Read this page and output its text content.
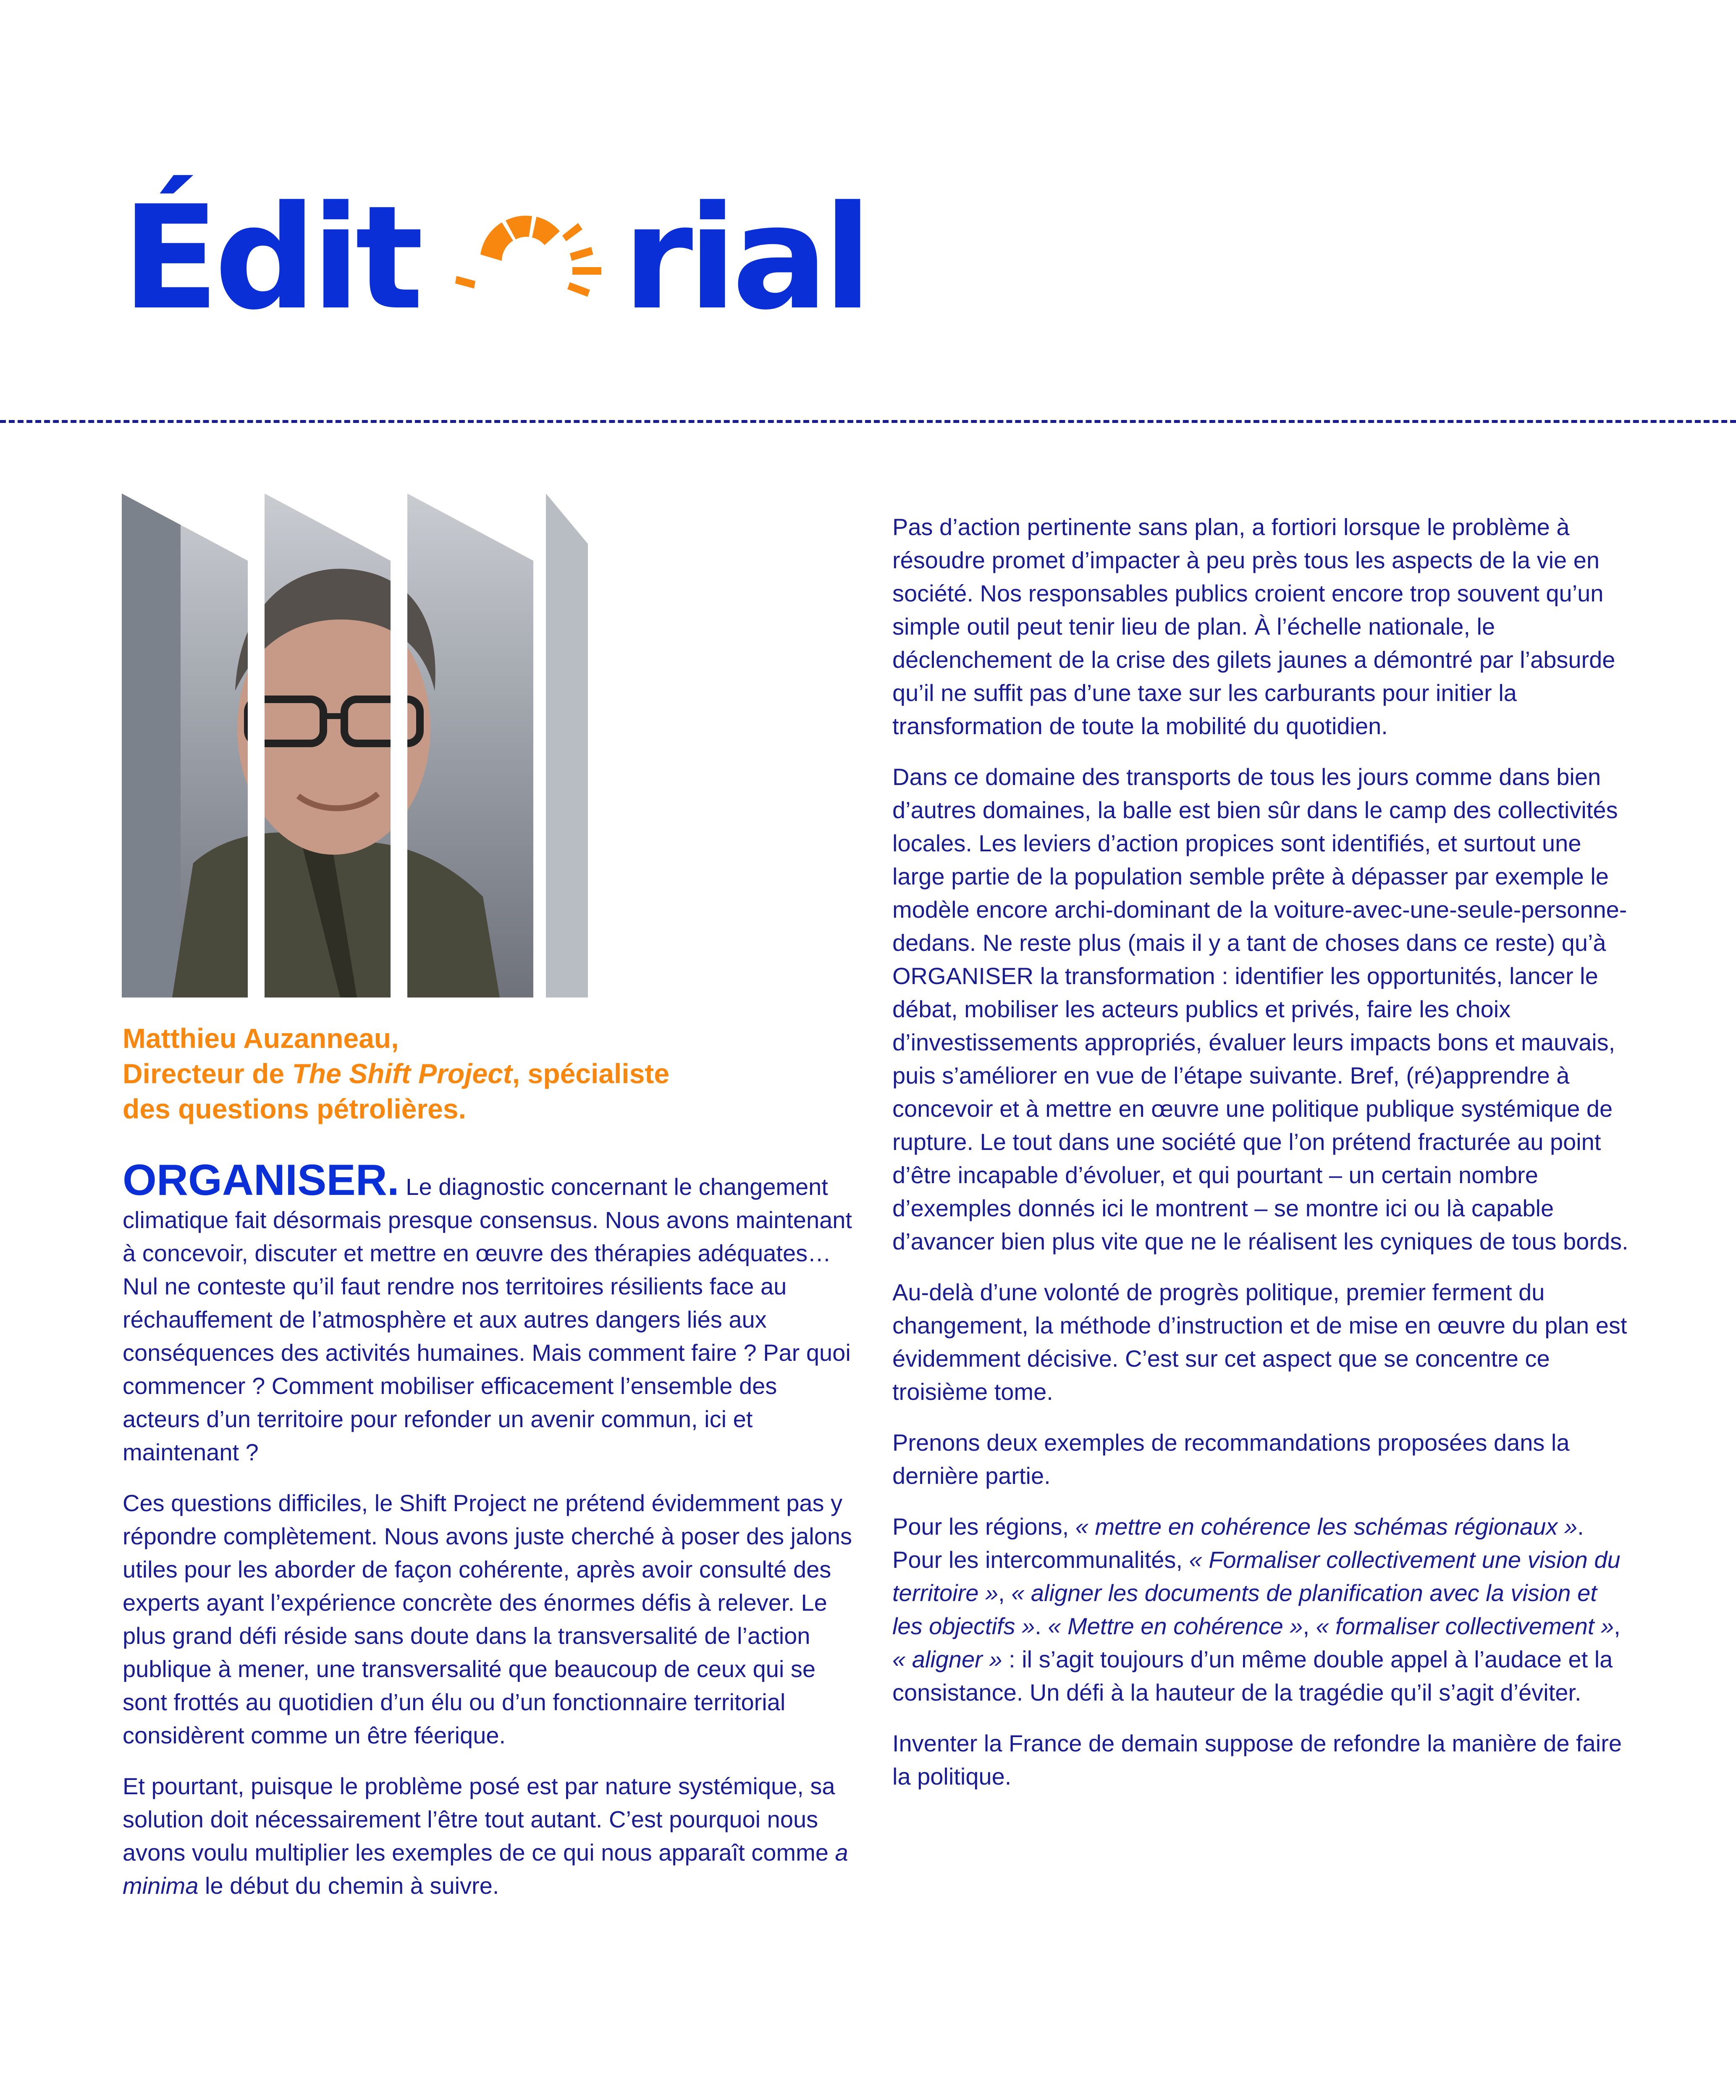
Édit rial
Matthieu Auzanneau,
Directeur de The Shift Project, spécialiste
des questions pétrolières.

ORGANISER. Le diagnostic concernant le changement climatique fait désormais presque consensus. Nous avons maintenant à concevoir, discuter et mettre en œuvre des thérapies adéquates… Nul ne conteste qu’il faut rendre nos territoires résilients face au réchauffement de l’atmosphère et aux autres dangers liés aux conséquences des activités humaines. Mais comment faire ? Par quoi commencer ? Comment mobiliser efficacement l’ensemble des acteurs d’un territoire pour refonder un avenir commun, ici et maintenant ?

Ces questions difficiles, le Shift Project ne prétend évidemment pas y répondre complètement. Nous avons juste cherché à poser des jalons utiles pour les aborder de façon cohérente, après avoir consulté des experts ayant l’expérience concrète des énormes défis à relever. Le plus grand défi réside sans doute dans la transversalité de l’action publique à mener, une transversalité que beaucoup de ceux qui se sont frottés au quotidien d’un élu ou d’un fonctionnaire territorial considèrent comme un être féerique.

Et pourtant, puisque le problème posé est par nature systémique, sa solution doit nécessairement l’être tout autant. C’est pourquoi nous avons voulu multiplier les exemples de ce qui nous apparaît comme a minima le début du chemin à suivre.

Pas d’action pertinente sans plan, a fortiori lorsque le problème à résoudre promet d’impacter à peu près tous les aspects de la vie en société. Nos responsables publics croient encore trop souvent qu’un simple outil peut tenir lieu de plan. À l’échelle nationale, le déclenchement de la crise des gilets jaunes a démontré par l’absurde qu’il ne suffit pas d’une taxe sur les carburants pour initier la transformation de toute la mobilité du quotidien.

Dans ce domaine des transports de tous les jours comme dans bien d’autres domaines, la balle est bien sûr dans le camp des collectivités locales. Les leviers d’action propices sont identifiés, et surtout une large partie de la population semble prête à dépasser par exemple le modèle encore archi-dominant de la voiture-avec-une-seule-personne-dedans. Ne reste plus (mais il y a tant de choses dans ce reste) qu’à ORGANISER la transformation : identifier les opportunités, lancer le débat, mobiliser les acteurs publics et privés, faire les choix d’investissements appropriés, évaluer leurs impacts bons et mauvais, puis s’améliorer en vue de l’étape suivante. Bref, (ré)apprendre à concevoir et à mettre en œuvre une politique publique systémique de rupture. Le tout dans une société que l’on prétend fracturée au point d’être incapable d’évoluer, et qui pourtant – un certain nombre d’exemples donnés ici le montrent – se montre ici ou là capable d’avancer bien plus vite que ne le réalisent les cyniques de tous bords.

Au-delà d’une volonté de progrès politique, premier ferment du changement, la méthode d’instruction et de mise en œuvre du plan est évidemment décisive. C’est sur cet aspect que se concentre ce troisième tome.

Prenons deux exemples de recommandations proposées dans la dernière partie.

Pour les régions, « mettre en cohérence les schémas régionaux ». Pour les intercommunalités, « Formaliser collectivement une vision du territoire », « aligner les documents de planification avec la vision et les objectifs ». « Mettre en cohérence », « formaliser collectivement », « aligner » : il s’agit toujours d’un même double appel à l’audace et la consistance. Un défi à la hauteur de la tragédie qu’il s’agit d’éviter.

Inventer la France de demain suppose de refondre la manière de faire la politique.
